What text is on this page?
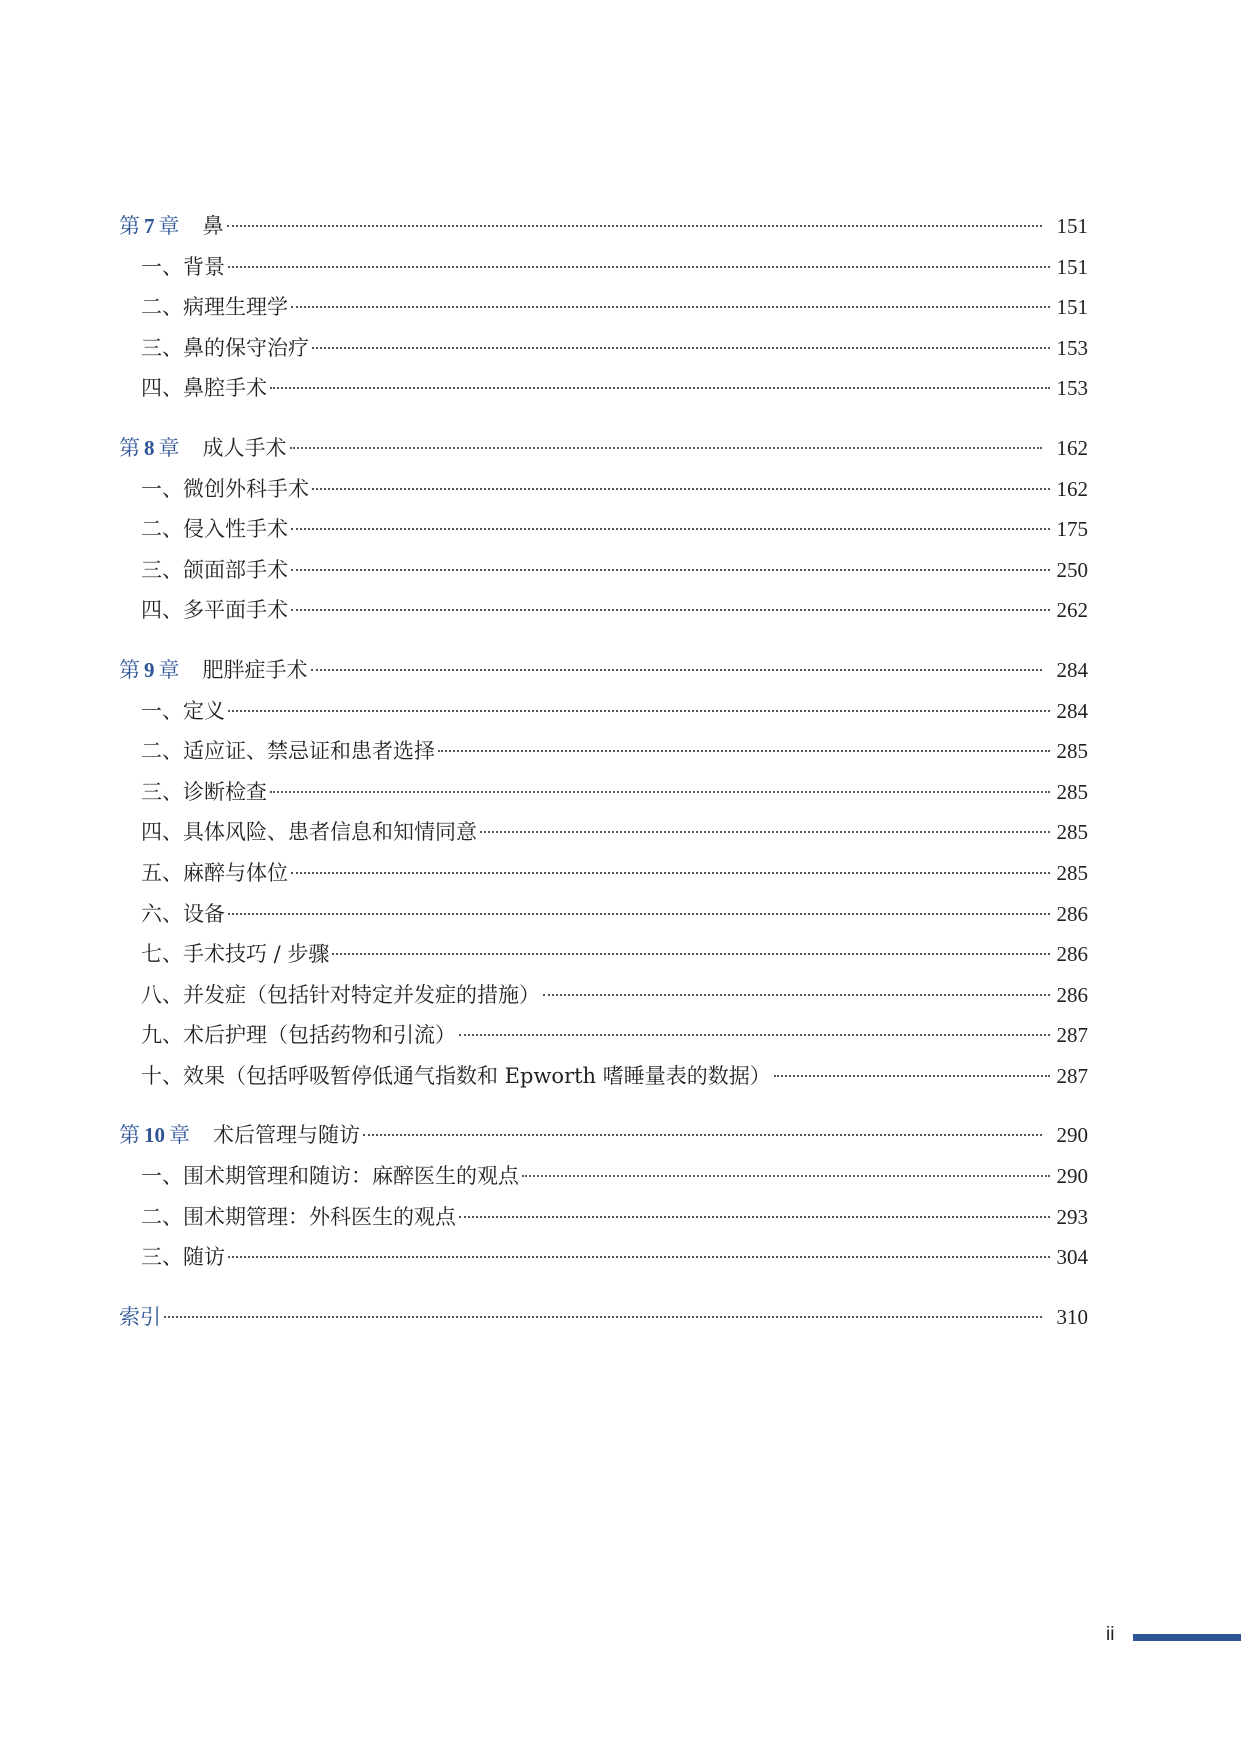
第 7 章 鼻	151
一、背景	151
二、病理生理学	151
三、鼻的保守治疗	153
四、鼻腔手术	153
第 8 章 成人手术	162
一、微创外科手术	162
二、侵入性手术	175
三、颌面部手术	250
四、多平面手术	262
第 9 章 肥胖症手术	284
一、定义	284
二、适应证、禁忌证和患者选择	285
三、诊断检查	285
四、具体风险、患者信息和知情同意	285
五、麻醉与体位	285
六、设备	286
七、手术技巧 / 步骤	286
八、并发症（包括针对特定并发症的措施）	286
九、术后护理（包括药物和引流）	287
十、效果（包括呼吸暂停低通气指数和 Epworth 嗜睡量表的数据）	287
第 10 章 术后管理与随访	290
一、围术期管理和随访：麻醉医生的观点	290
二、围术期管理：外科医生的观点	293
三、随访	304
索引	310
ii
